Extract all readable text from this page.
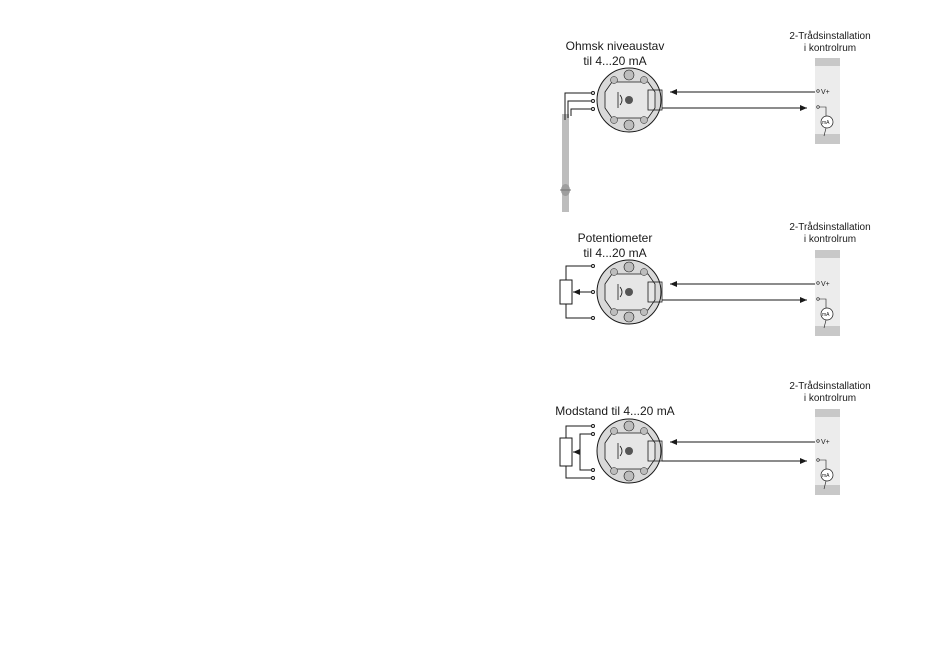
Ohmsk niveaustav
til 4...20 mA
2-Trådsinstallation
i kontrolrum
Potentiometer
til 4...20 mA
2-Trådsinstallation
i kontrolrum
Modstand til 4...20 mA
2-Trådsinstallation
i kontrolrum
V+
mA
V+
mA
V+
mA
